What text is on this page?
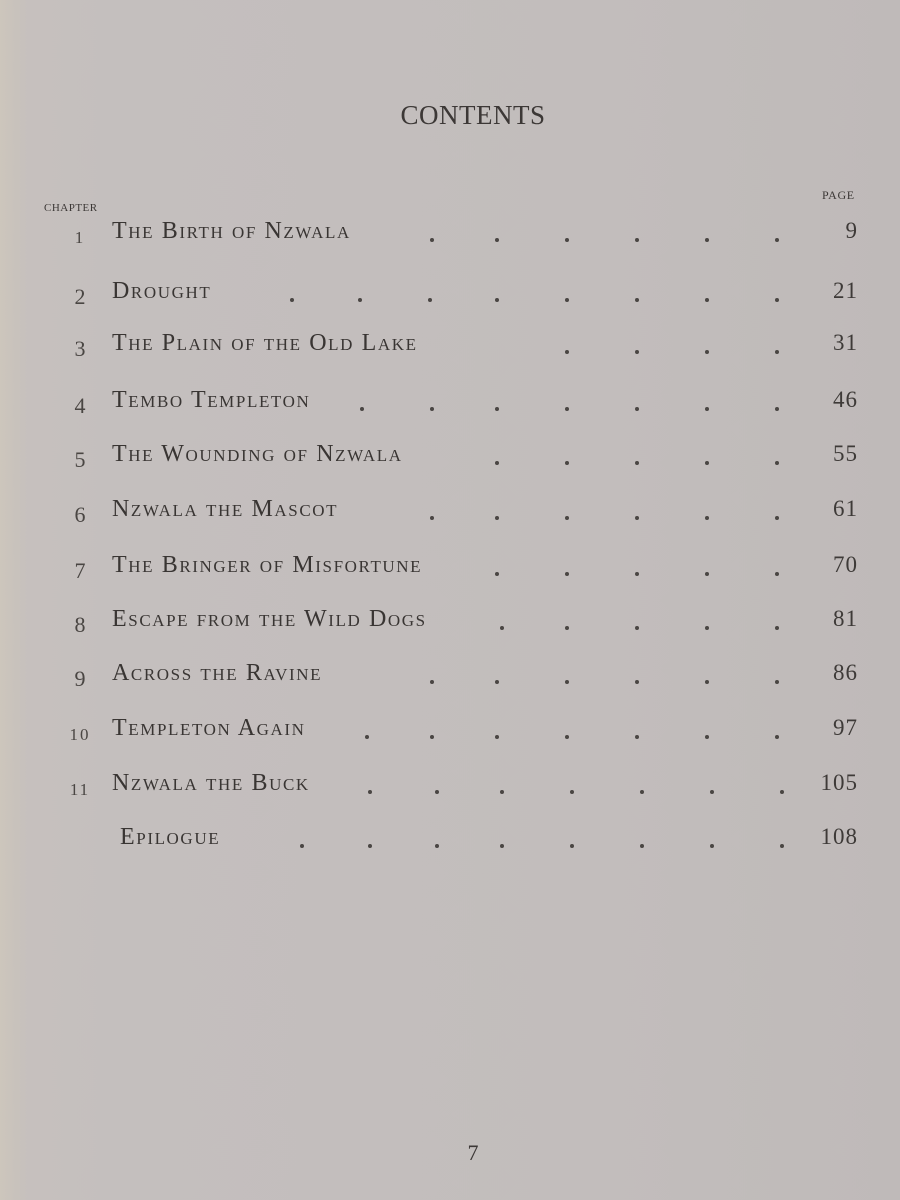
CONTENTS
PAGE
CHAPTER
1	The Birth of Nzwala	9
2	Drought	21
3	The Plain of the Old Lake	31
4	Tembo Templeton	46
5	The Wounding of Nzwala	55
6	Nzwala the Mascot	61
7	The Bringer of Misfortune	70
8	Escape from the Wild Dogs	81
9	Across the Ravine	86
10 Templeton Again	97
11 Nzwala the Buck	105
Epilogue	108
7
